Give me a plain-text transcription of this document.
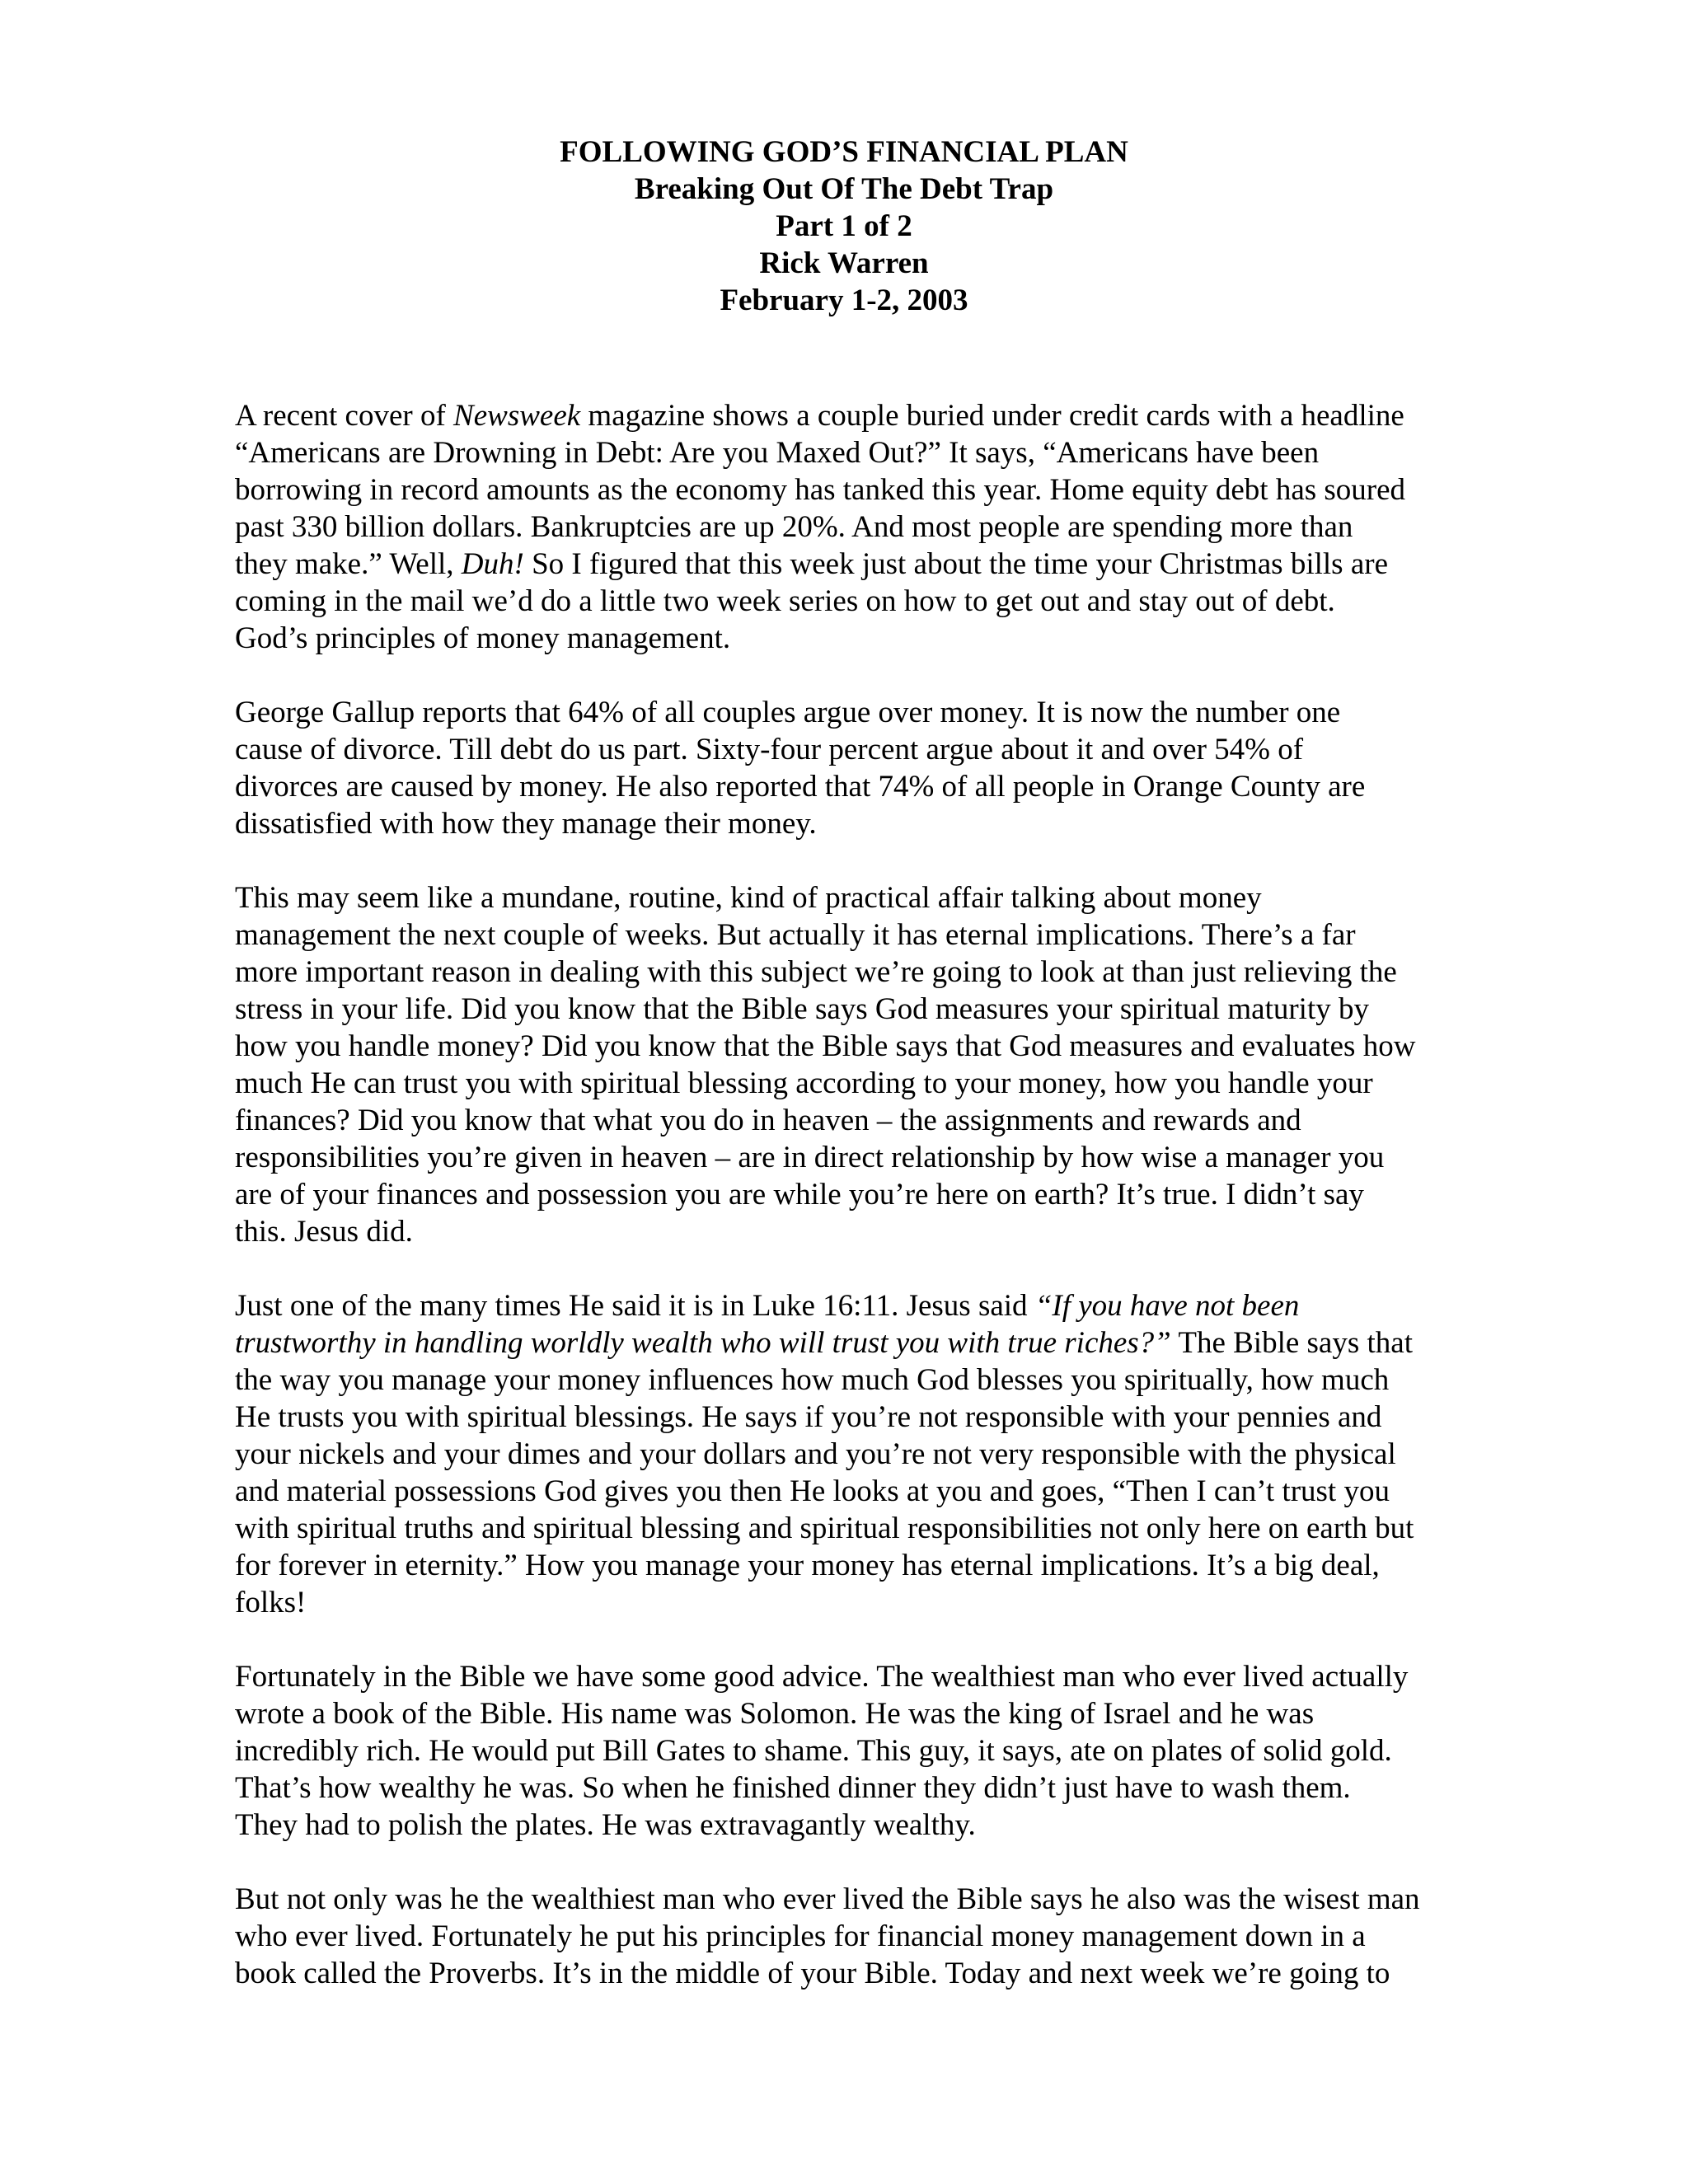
FOLLOWING GOD’S FINANCIAL PLAN
Breaking Out Of The Debt Trap
Part 1 of 2
Rick Warren
February 1-2, 2003
A recent cover of Newsweek magazine shows a couple buried under credit cards with a headline
“Americans are Drowning in Debt: Are you Maxed Out?” It says, “Americans have been
borrowing in record amounts as the economy has tanked this year. Home equity debt has soured
past 330 billion dollars. Bankruptcies are up 20%. And most people are spending more than
they make.” Well, Duh! So I figured that this week just about the time your Christmas bills are
coming in the mail we’d do a little two week series on how to get out and stay out of debt.
God’s principles of money management.
George Gallup reports that 64% of all couples argue over money. It is now the number one
cause of divorce. Till debt do us part. Sixty-four percent argue about it and over 54% of
divorces are caused by money. He also reported that 74% of all people in Orange County are
dissatisfied with how they manage their money.
This may seem like a mundane, routine, kind of practical affair talking about money
management the next couple of weeks. But actually it has eternal implications. There’s a far
more important reason in dealing with this subject we’re going to look at than just relieving the
stress in your life. Did you know that the Bible says God measures your spiritual maturity by
how you handle money? Did you know that the Bible says that God measures and evaluates how
much He can trust you with spiritual blessing according to your money, how you handle your
finances? Did you know that what you do in heaven – the assignments and rewards and
responsibilities you’re given in heaven – are in direct relationship by how wise a manager you
are of your finances and possession you are while you’re here on earth? It’s true. I didn’t say
this. Jesus did.
Just one of the many times He said it is in Luke 16:11. Jesus said “If you have not been
trustworthy in handling worldly wealth who will trust you with true riches?” The Bible says that
the way you manage your money influences how much God blesses you spiritually, how much
He trusts you with spiritual blessings. He says if you’re not responsible with your pennies and
your nickels and your dimes and your dollars and you’re not very responsible with the physical
and material possessions God gives you then He looks at you and goes, “Then I can’t trust you
with spiritual truths and spiritual blessing and spiritual responsibilities not only here on earth but
for forever in eternity.” How you manage your money has eternal implications. It’s a big deal,
folks!
Fortunately in the Bible we have some good advice. The wealthiest man who ever lived actually
wrote a book of the Bible. His name was Solomon. He was the king of Israel and he was
incredibly rich. He would put Bill Gates to shame. This guy, it says, ate on plates of solid gold.
That’s how wealthy he was. So when he finished dinner they didn’t just have to wash them.
They had to polish the plates. He was extravagantly wealthy.
But not only was he the wealthiest man who ever lived the Bible says he also was the wisest man
who ever lived. Fortunately he put his principles for financial money management down in a
book called the Proverbs. It’s in the middle of your Bible. Today and next week we’re going to
